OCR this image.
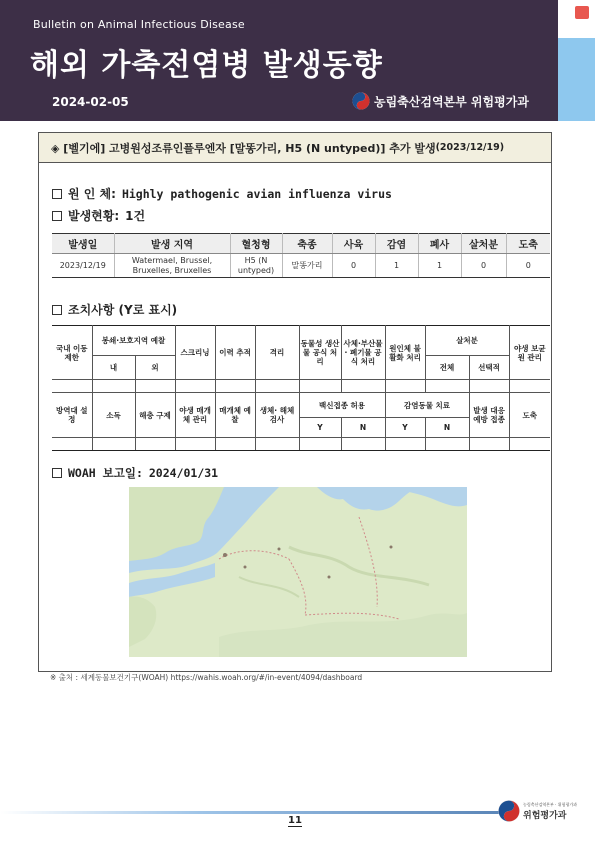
Bulletin on Animal Infectious Disease
해외 가축전염병 발생동향
2024-02-05	농림축산검역본부 위험평가과
◈ [벨기에] 고병원성조류인플루엔자 [말똥가리, H5 (N untyped)] 추가 발생 (2023/12/19)
원 인 체: Highly pathogenic avian influenza virus
발생현황: 1건
발생일	발생 지역	혈청형	축종	사육	감염	폐사	살처분	도축
2023/12/19	Watermael, Brussel, Bruxelles, Bruxelles	H5 (N untyped)	말똥가리	0	1	1	0	0
조치사항 (Y로 표시)
국내 이동 제한	봉쇄·보호지역 예찰		스크리닝	이력 추적	격리	동물성 생산물 공식 처리	사체·부산물· 폐기물 공식 처리	원인체 불활화 처리	살처분		야생 보균원 관리
	내	외							전체	선택적	

방역대 설정	소독	해충 구제	야생 매개체 관리	매개체 예찰	생체· 해체 검사	백신접종 허용		감염동물 치료		발생 대응 예방 접종	도축
						Y	N	Y	N		

WOAH 보고일: 2024/01/31
※ 출처 : 세계동물보건기구(WOAH) https://wahis.woah.org/#/in-event/4094/dashboard
11
농림축산검역본부 · 위험평가과
위험평가과
